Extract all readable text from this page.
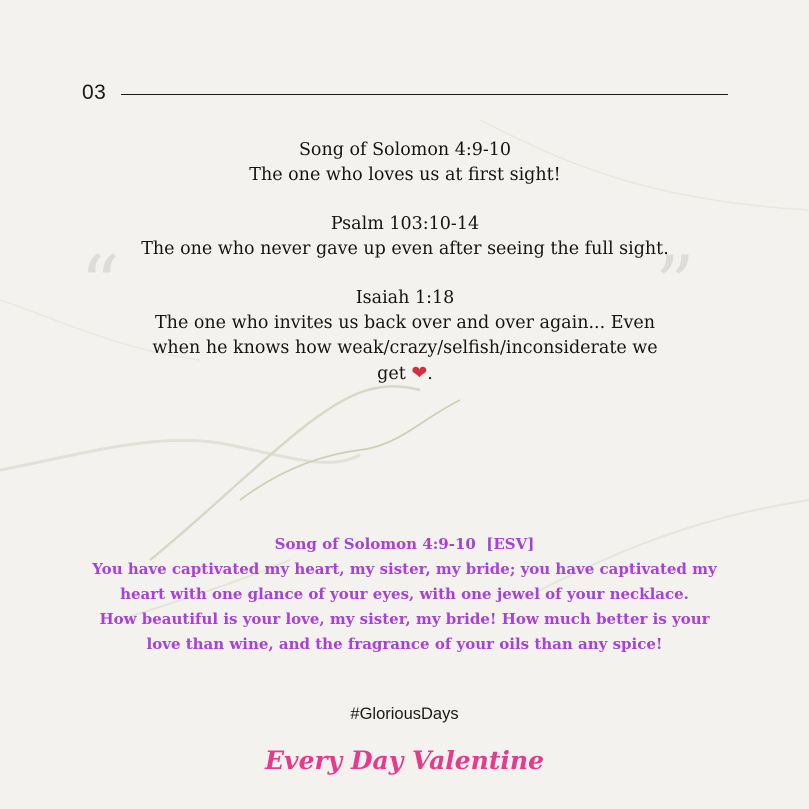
03
“	”
Song of Solomon 4:9-10
The one who loves us at first sight!
Psalm 103:10-14
The one who never gave up even after seeing the full sight.
Isaiah 1:18
The one who invites us back over and over again... Even
when he knows how weak/crazy/selfish/inconsiderate we
get ❤.
Song of Solomon 4:9-10  [ESV]
You have captivated my heart, my sister, my bride; you have captivated my
heart with one glance of your eyes, with one jewel of your necklace.
How beautiful is your love, my sister, my bride! How much better is your
love than wine, and the fragrance of your oils than any spice!
#GloriousDays
Every Day Valentine
